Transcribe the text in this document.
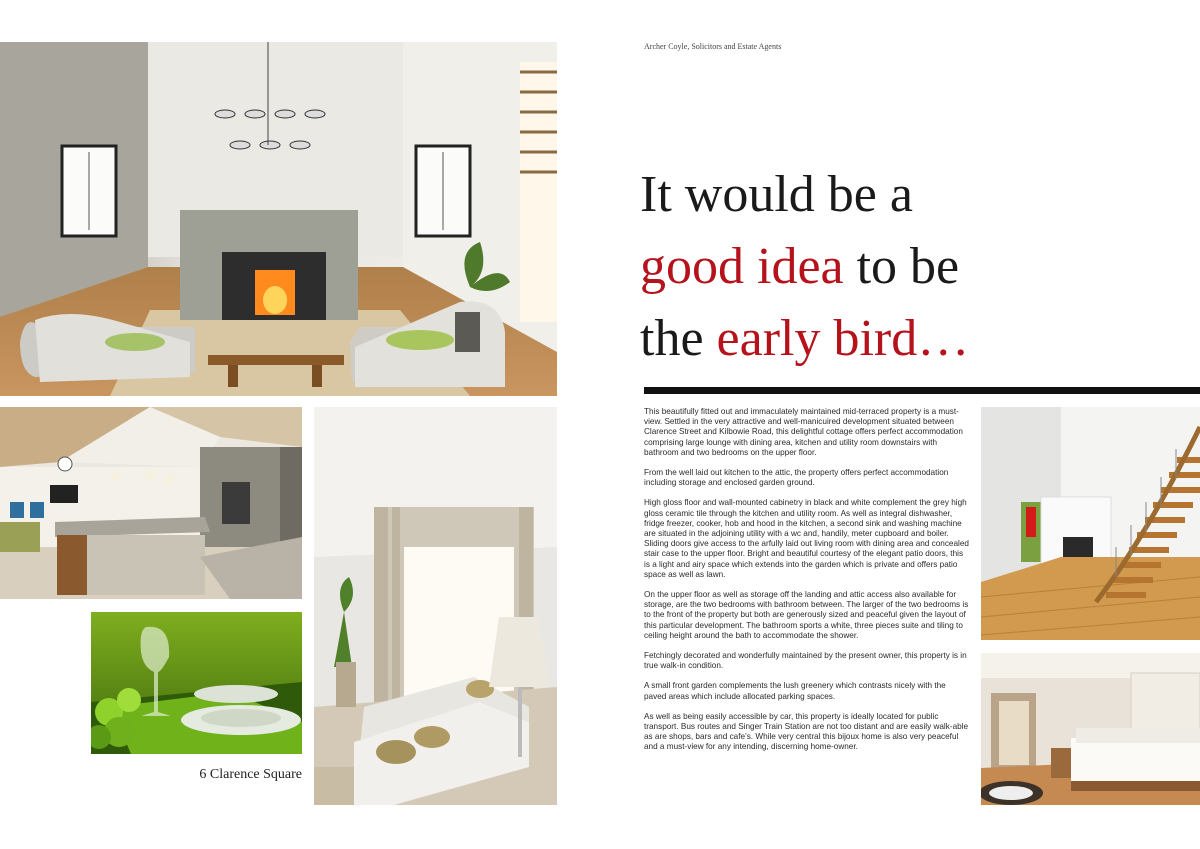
6 Clarence Square
Archer Coyle, Solicitors and Estate Agents
It would be a
good idea to be
the early bird…

This beautifully fitted out and immaculately maintained mid-terraced property is a must-view. Settled in the very attractive and well-manicuired development situated between Clarence Street and Kilbowie Road, this delightful cottage offers perfect accommodation comprising large lounge with dining area, kitchen and utility room downstairs with bathroom and two bedrooms on the upper floor.

From the well laid out kitchen to the attic, the property offers perfect accommodation including storage and enclosed garden ground.

High gloss floor and wall-mounted cabinetry in black and white complement the grey high gloss ceramic tile through the kitchen and utility room. As well as integral dishwasher, fridge freezer, cooker, hob and hood in the kitchen, a second sink and washing machine are situated in the adjoining utility with a wc and, handily, meter cupboard and boiler. Sliding doors give access to the arfully laid out living room with dining area and concealed stair case to the upper floor. Bright and beautiful courtesy of the elegant patio doors, this is a light and airy space which extends into the garden which is private and offers patio space as well as lawn.

On the upper floor as well as storage off the landing and attic access also available for storage, are the two bedrooms with bathroom between. The larger of the two bedrooms is to the front of the property but both are generously sized and peaceful given the layout of this particular development. The bathroom sports a white, three pieces suite and tiling to ceiling height around the bath to accommodate the shower.

Fetchingly decorated and wonderfully maintained by the present owner, this property is in true walk-in condition.

A small front garden complements the lush greenery which contrasts nicely with the paved areas which include allocated parking spaces.

As well as being easily accessible by car, this property is ideally located for public transport. Bus routes and Singer Train Station are not too distant and are easily walk-able as are shops, bars and cafe’s. While very central this bijoux home is also very peaceful and a must-view for any intending, discerning home-owner.
